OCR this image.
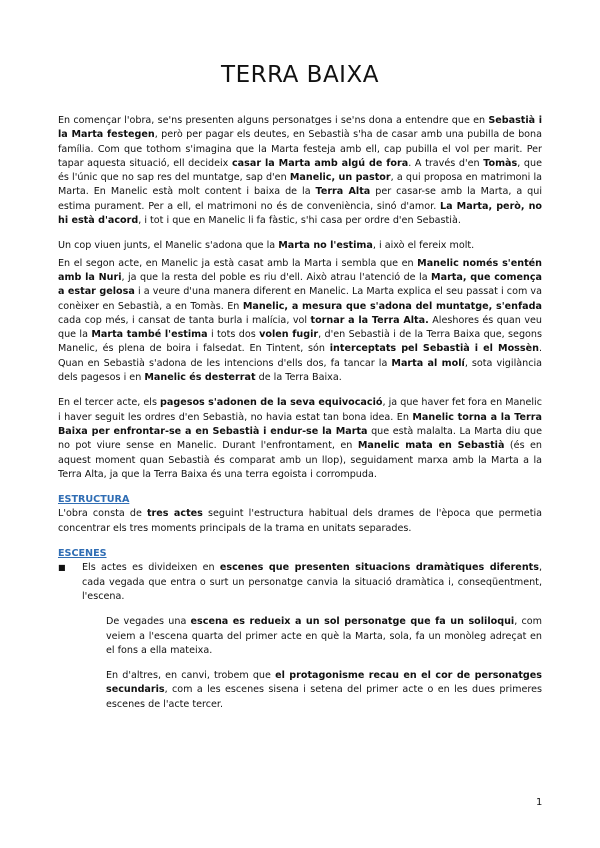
TERRA BAIXA

En començar l'obra, se'ns presenten alguns personatges i se'ns dona a entendre que en Sebastià i la Marta festegen, però per pagar els deutes, en Sebastià s'ha de casar amb una pubilla de bona família. Com que tothom s'imagina que la Marta festeja amb ell, cap pubilla el vol per marit. Per tapar aquesta situació, ell decideix casar la Marta amb algú de fora. A través d'en Tomàs, que és l'únic que no sap res del muntatge, sap d'en Manelic, un pastor, a qui proposa en matrimoni la Marta. En Manelic està molt content i baixa de la Terra Alta per casar-se amb la Marta, a qui estima purament. Per a ell, el matrimoni no és de conveniència, sinó d'amor. La Marta, però, no hi està d'acord, i tot i que en Manelic li fa fàstic, s'hi casa per ordre d'en Sebastià.

Un cop viuen junts, el Manelic s'adona que la Marta no l'estima, i això el fereix molt.

En el segon acte, en Manelic ja està casat amb la Marta i sembla que en Manelic només s'entén amb la Nuri, ja que la resta del poble es riu d'ell. Això atrau l'atenció de la Marta, que comença a estar gelosa i a veure d'una manera diferent en Manelic. La Marta explica el seu passat i com va conèixer en Sebastià, a en Tomàs. En Manelic, a mesura que s'adona del muntatge, s'enfada cada cop més, i cansat de tanta burla i malícia, vol tornar a la Terra Alta. Aleshores és quan veu que la Marta també l'estima i tots dos volen fugir, d'en Sebastià i de la Terra Baixa que, segons Manelic, és plena de boira i falsedat. En Tintent, són interceptats pel Sebastià i el Mossèn. Quan en Sebastià s'adona de les intencions d'ells dos, fa tancar la Marta al molí, sota vigilància dels pagesos i en Manelic és desterrat de la Terra Baixa.

En el tercer acte, els pagesos s'adonen de la seva equivocació, ja que haver fet fora en Manelic i haver seguit les ordres d'en Sebastià, no havia estat tan bona idea. En Manelic torna a la Terra Baixa per enfrontar-se a en Sebastià i endur-se la Marta que està malalta. La Marta diu que no pot viure sense en Manelic. Durant l'enfrontament, en Manelic mata en Sebastià (és en aquest moment quan Sebastià és comparat amb un llop), seguidament marxa amb la Marta a la Terra Alta, ja que la Terra Baixa és una terra egoista i corrompuda.

ESTRUCTURA

L'obra consta de tres actes seguint l'estructura habitual dels drames de l'època que permetia concentrar els tres moments principals de la trama en unitats separades.

ESCENES
■	Els actes es divideixen en escenes que presenten situacions dramàtiques diferents, cada vegada que entra o surt un personatge canvia la situació dramàtica i, conseqüentment, l'escena.

De vegades una escena es redueix a un sol personatge que fa un soliloqui, com veiem a l'escena quarta del primer acte en què la Marta, sola, fa un monòleg adreçat en el fons a ella mateixa.

En d'altres, en canvi, trobem que el protagonisme recau en el cor de personatges secundaris, com a les escenes sisena i setena del primer acte o en les dues primeres escenes de l'acte tercer.

1
